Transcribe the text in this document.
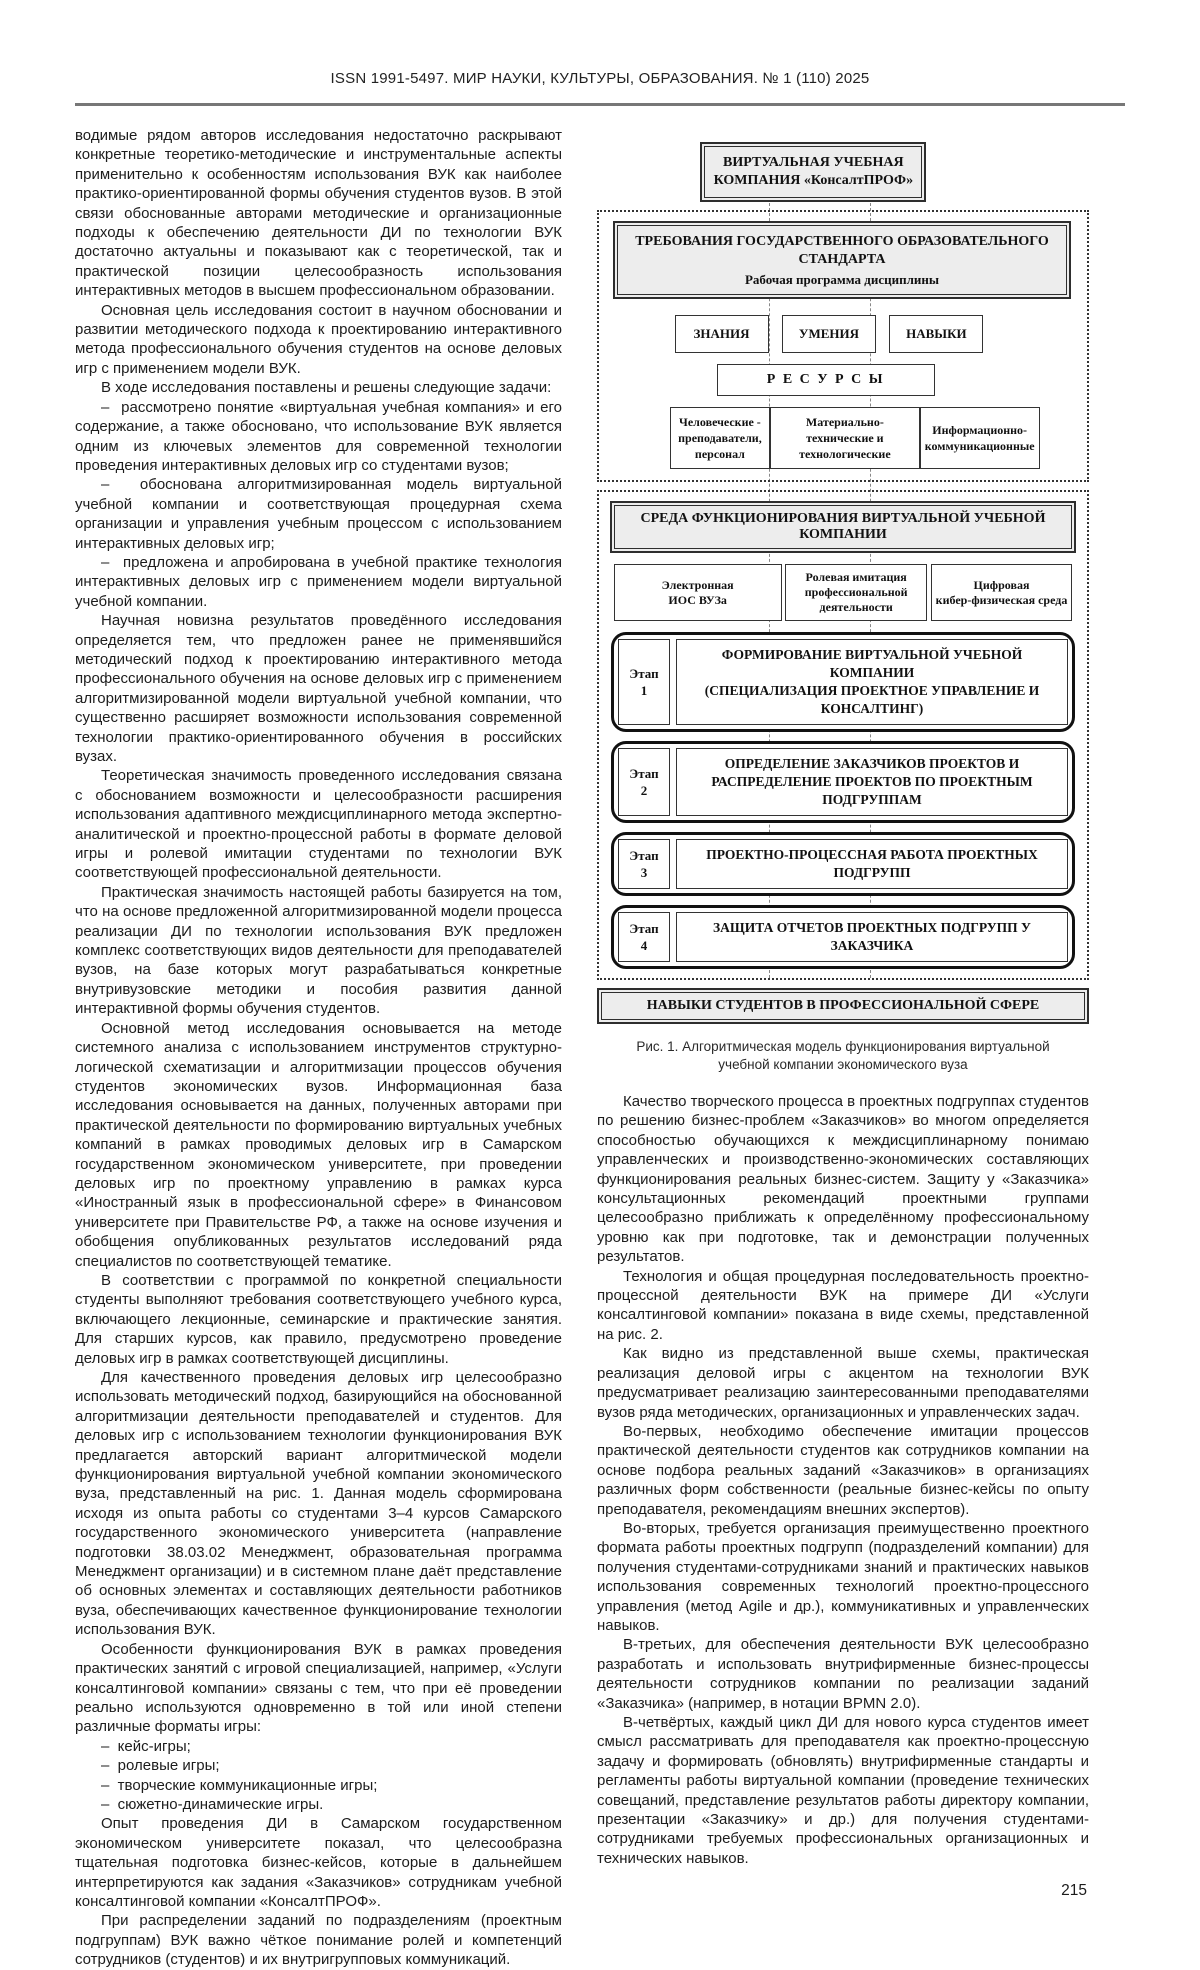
ISSN 1991-5497. МИР НАУКИ, КУЛЬТУРЫ, ОБРАЗОВАНИЯ. № 1 (110) 2025

водимые рядом авторов исследования недостаточно раскрывают конкретные теоретико-методические и инструментальные аспекты применительно к особенностям использования ВУК как наиболее практико-ориентированной формы обучения студентов вузов. В этой связи обоснованные авторами методические и организационные подходы к обеспечению деятельности ДИ по технологии ВУК достаточно актуальны и показывают как с теоретической, так и практической позиции целесообразность использования интерактивных методов в высшем профессиональном образовании.

Основная цель исследования состоит в научном обосновании и развитии методического подхода к проектированию интерактивного метода профессионального обучения студентов на основе деловых игр с применением модели ВУК.

В ходе исследования поставлены и решены следующие задачи:

–  рассмотрено понятие «виртуальная учебная компания» и его содержание, а также обосновано, что использование ВУК является одним из ключевых элементов для современной технологии проведения интерактивных деловых игр со студентами вузов;

–  обоснована алгоритмизированная модель виртуальной учебной компании и соответствующая процедурная схема организации и управления учебным процессом с использованием интерактивных деловых игр;

–  предложена и апробирована в учебной практике технология интерактивных деловых игр с применением модели виртуальной учебной компании.

Научная новизна результатов проведённого исследования определяется тем, что предложен ранее не применявшийся методический подход к проектированию интерактивного метода профессионального обучения на основе деловых игр с применением алгоритмизированной модели виртуальной учебной компании, что существенно расширяет возможности использования современной технологии практико-ориентированного обучения в российских вузах.

Теоретическая значимость проведенного исследования связана с обоснованием возможности и целесообразности расширения использования адаптивного междисциплинарного метода экспертно-аналитической и проектно-процессной работы в формате деловой игры и ролевой имитации студентами по технологии ВУК соответствующей профессиональной деятельности.

Практическая значимость настоящей работы базируется на том, что на основе предложенной алгоритмизированной модели процесса реализации ДИ по технологии использования ВУК предложен комплекс соответствующих видов деятельности для преподавателей вузов, на базе которых могут разрабатываться конкретные внутривузовские методики и пособия развития данной интерактивной формы обучения студентов.

Основной метод исследования основывается на методе системного анализа с использованием инструментов структурно-логической схематизации и алгоритмизации процессов обучения студентов экономических вузов. Информационная база исследования основывается на данных, полученных авторами при практической деятельности по формированию виртуальных учебных компаний в рамках проводимых деловых игр в Самарском государственном экономическом университете, при проведении деловых игр по проектному управлению в рамках курса «Иностранный язык в профессиональной сфере» в Финансовом университете при Правительстве РФ, а также на основе изучения и обобщения опубликованных результатов исследований ряда специалистов по соответствующей тематике.

В соответствии с программой по конкретной специальности студенты выполняют требования соответствующего учебного курса, включающего лекционные, семинарские и практические занятия. Для старших курсов, как правило, предусмотрено проведение деловых игр в рамках соответствующей дисциплины.

Для качественного проведения деловых игр целесообразно использовать методический подход, базирующийся на обоснованной алгоритмизации деятельности преподавателей и студентов. Для деловых игр с использованием технологии функционирования ВУК предлагается авторский вариант алгоритмической модели функционирования виртуальной учебной компании экономического вуза, представленный на рис. 1. Данная модель сформирована исходя из опыта работы со студентами 3–4 курсов Самарского государственного экономического университета (направление подготовки 38.03.02 Менеджмент, образовательная программа Менеджмент организации) и в системном плане даёт представление об основных элементах и составляющих деятельности работников вуза, обеспечивающих качественное функционирование технологии использования ВУК.

Особенности функционирования ВУК в рамках проведения практических занятий с игровой специализацией, например, «Услуги консалтинговой компании» связаны с тем, что при её проведении реально используются одновременно в той или иной степени различные форматы игры:

–  кейс-игры;

–  ролевые игры;

–  творческие коммуникационные игры;

–  сюжетно-динамические игры.

Опыт проведения ДИ в Самарском государственном экономическом университете показал, что целесообразна тщательная подготовка бизнес-кейсов, которые в дальнейшем интерпретируются как задания «Заказчиков» сотрудникам учебной консалтинговой компании «КонсалтПРОФ».

При распределении заданий по подразделениям (проектным подгруппам) ВУК важно чёткое понимание ролей и компетенций сотрудников (студентов) и их внутригрупповых коммуникаций.

ВИРТУАЛЬНАЯ УЧЕБНАЯ
КОМПАНИЯ «КонсалтПРОФ»
ТРЕБОВАНИЯ ГОСУДАРСТВЕННОГО ОБРАЗОВАТЕЛЬНОГО
СТАНДАРТА
Рабочая программа дисциплины
ЗНАНИЯ	УМЕНИЯ	НАВЫКИ
Р Е С У Р С Ы
Человеческие -
преподаватели,
персонал
Материально-
технические и
технологические
Информационно-
коммуникационные
СРЕДА ФУНКЦИОНИРОВАНИЯ ВИРТУАЛЬНОЙ УЧЕБНОЙ КОМПАНИИ
Электронная
ИОС ВУЗа
Ролевая имитация
профессиональной деятельности
Цифровая
кибер-физическая среда
Этап
1
ФОРМИРОВАНИЕ ВИРТУАЛЬНОЙ УЧЕБНОЙ КОМПАНИИ
(СПЕЦИАЛИЗАЦИЯ ПРОЕКТНОЕ УПРАВЛЕНИЕ И КОНСАЛТИНГ)
Этап
2
ОПРЕДЕЛЕНИЕ ЗАКАЗЧИКОВ ПРОЕКТОВ И
РАСПРЕДЕЛЕНИЕ ПРОЕКТОВ ПО ПРОЕКТНЫМ
ПОДГРУППАМ
Этап
3
ПРОЕКТНО-ПРОЦЕССНАЯ РАБОТА ПРОЕКТНЫХ ПОДГРУПП
Этап
4
ЗАЩИТА ОТЧЕТОВ ПРОЕКТНЫХ ПОДГРУПП У ЗАКАЗЧИКА
НАВЫКИ СТУДЕНТОВ В ПРОФЕССИОНАЛЬНОЙ СФЕРЕ
Рис. 1. Алгоритмическая модель функционирования виртуальной учебной компании экономического вуза

Качество творческого процесса в проектных подгруппах студентов по решению бизнес-проблем «Заказчиков» во многом определяется способностью обучающихся к междисциплинарному понимаю управленческих и производственно-экономических составляющих функционирования реальных бизнес-систем. Защиту у «Заказчика» консультационных рекомендаций проектными группами целесообразно приближать к определённому профессиональному уровню как при подготовке, так и демонстрации полученных результатов.

Технология и общая процедурная последовательность проектно-процессной деятельности ВУК на примере ДИ «Услуги консалтинговой компании» показана в виде схемы, представленной на рис. 2.

Как видно из представленной выше схемы, практическая реализация деловой игры с акцентом на технологии ВУК предусматривает реализацию заинтересованными преподавателями вузов ряда методических, организационных и управленческих задач.

Во-первых, необходимо обеспечение имитации процессов практической деятельности студентов как сотрудников компании на основе подбора реальных заданий «Заказчиков» в организациях различных форм собственности (реальные бизнес-кейсы по опыту преподавателя, рекомендациям внешних экспертов).

Во-вторых, требуется организация преимущественно проектного формата работы проектных подгрупп (подразделений компании) для получения студентами-сотрудниками знаний и практических навыков использования современных технологий проектно-процессного управления (метод Agile и др.), коммуникативных и управленческих навыков.

В-третьих, для обеспечения деятельности ВУК целесообразно разработать и использовать внутрифирменные бизнес-процессы деятельности сотрудников компании по реализации заданий «Заказчика» (например, в нотации BPMN 2.0).

В-четвёртых, каждый цикл ДИ для нового курса студентов имеет смысл рассматривать для преподавателя как проектно-процессную задачу и формировать (обновлять) внутрифирменные стандарты и регламенты работы виртуальной компании (проведение технических совещаний, представление результатов работы директору компании, презентации «Заказчику» и др.) для получения студентами-сотрудниками требуемых профессиональных организационных и технических навыков.

215
